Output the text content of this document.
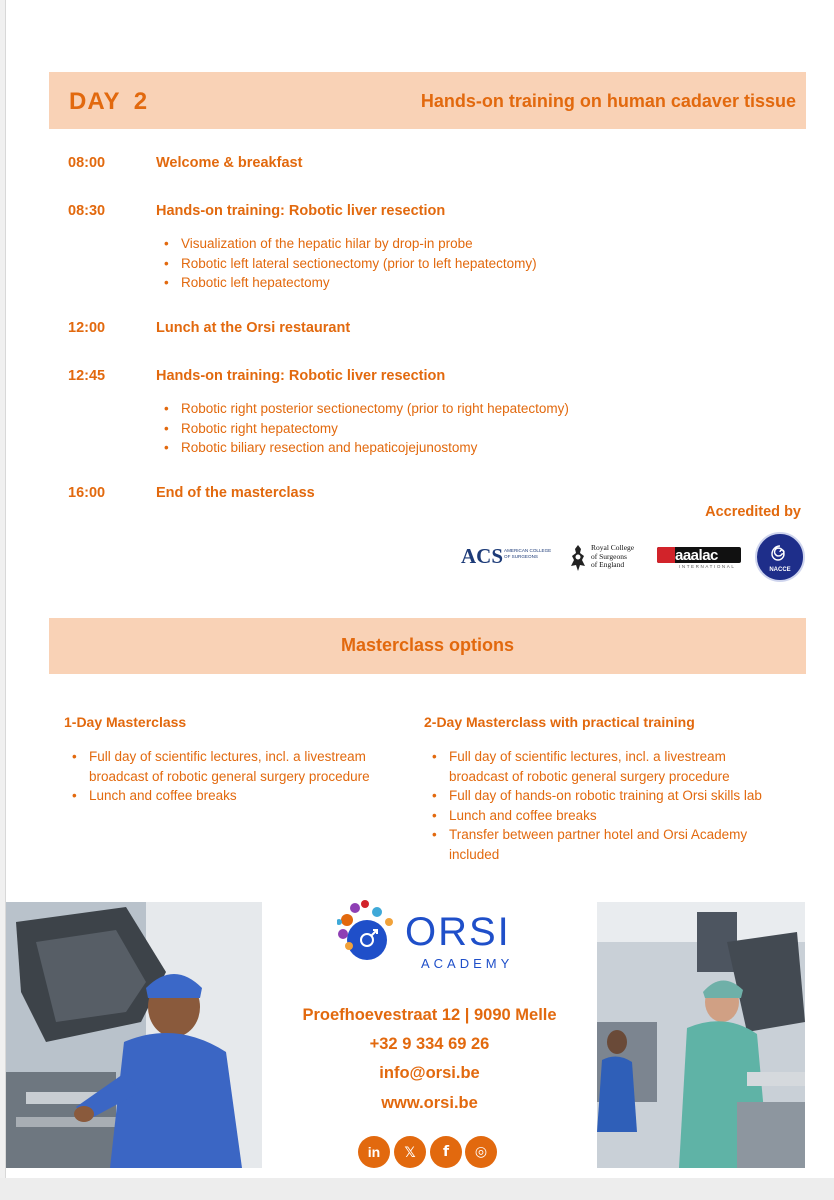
DAY 2	Hands-on training on human cadaver tissue
08:00	Welcome & breakfast
08:30	Hands-on training: Robotic liver resection
• Visualization of the hepatic hilar by drop-in probe
• Robotic left lateral sectionectomy (prior to left hepatectomy)
• Robotic left hepatectomy
12:00	Lunch at the Orsi restaurant
12:45	Hands-on training: Robotic liver resection
• Robotic right posterior sectionectomy (prior to right hepatectomy)
• Robotic right hepatectomy
• Robotic biliary resection and hepaticojejunostomy
16:00	End of the masterclass
Accredited by
ACS AMERICAN COLLEGE OF SURGEONS
Royal College
of Surgeons
of England
aaalac
INTERNATIONAL
NACCE
Masterclass options
1-Day Masterclass
• Full day of scientific lectures, incl. a livestream broadcast of robotic general surgery procedure
• Lunch and coffee breaks
2-Day Masterclass with practical training
• Full day of scientific lectures, incl. a livestream broadcast of robotic general surgery procedure
• Full day of hands-on robotic training at Orsi skills lab
• Lunch and coffee breaks
• Transfer between partner hotel and Orsi Academy included
ORSI
ACADEMY
Proefhoevestraat 12 | 9090 Melle
+32 9 334 69 26
info@orsi.be
www.orsi.be
in	𝕏	f	◎
